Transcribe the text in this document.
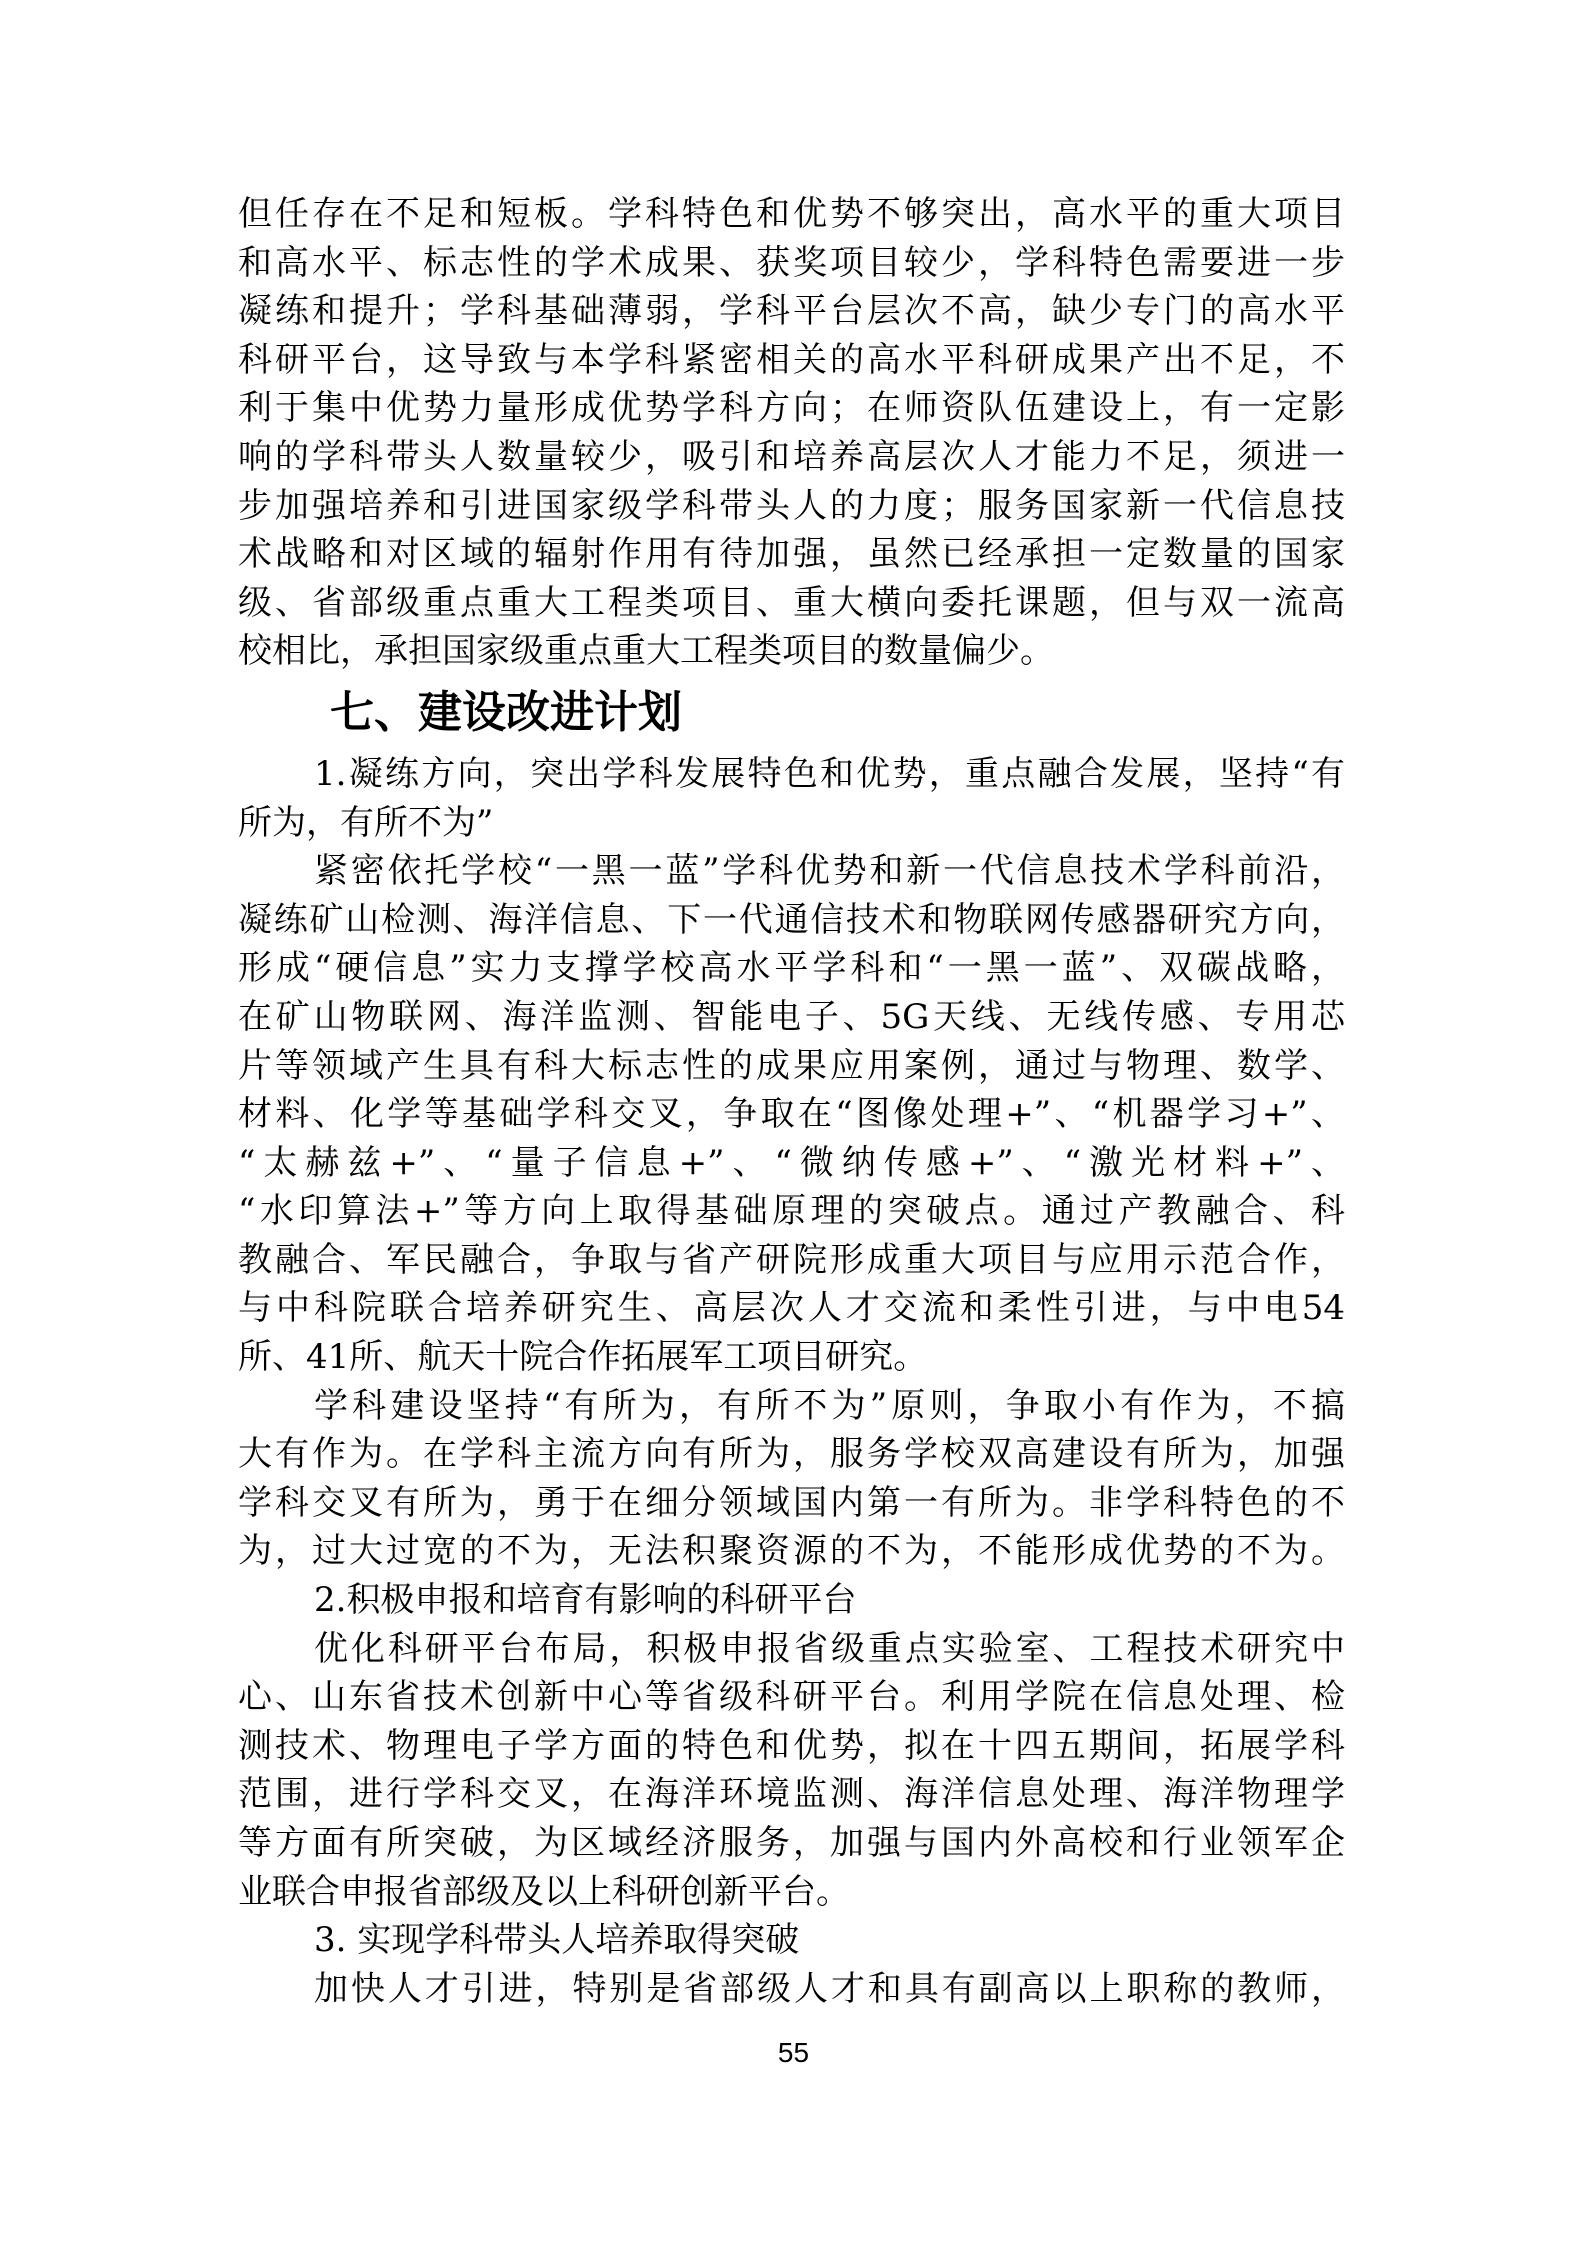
但任存在不足和短板。学科特色和优势不够突出，高水平的重大项目
和高水平、标志性的学术成果、获奖项目较少，学科特色需要进一步
凝练和提升；学科基础薄弱，学科平台层次不高，缺少专门的高水平
科研平台，这导致与本学科紧密相关的高水平科研成果产出不足，不
利于集中优势力量形成优势学科方向；在师资队伍建设上，有一定影
响的学科带头人数量较少，吸引和培养高层次人才能力不足，须进一
步加强培养和引进国家级学科带头人的力度；服务国家新一代信息技
术战略和对区域的辐射作用有待加强，虽然已经承担一定数量的国家
级、省部级重点重大工程类项目、重大横向委托课题，但与双一流高
校相比，承担国家级重点重大工程类项目的数量偏少。
七、建设改进计划
1.凝练方向，突出学科发展特色和优势，重点融合发展，坚持“有
所为，有所不为”
紧密依托学校“一黑一蓝”学科优势和新一代信息技术学科前沿，
凝练矿山检测、海洋信息、下一代通信技术和物联网传感器研究方向，
形成“硬信息”实力支撑学校高水平学科和“一黑一蓝”、双碳战略，
在矿山物联网、海洋监测、智能电子、5G天线、无线传感、专用芯
片等领域产生具有科大标志性的成果应用案例，通过与物理、数学、
材料、化学等基础学科交叉，争取在“图像处理+”、“机器学习+”、
“太赫兹+”、“量子信息+”、“微纳传感+”、“激光材料+”、
“水印算法+”等方向上取得基础原理的突破点。通过产教融合、科
教融合、军民融合，争取与省产研院形成重大项目与应用示范合作，
与中科院联合培养研究生、高层次人才交流和柔性引进，与中电54
所、41所、航天十院合作拓展军工项目研究。
学科建设坚持“有所为，有所不为”原则，争取小有作为，不搞
大有作为。在学科主流方向有所为，服务学校双高建设有所为，加强
学科交叉有所为，勇于在细分领域国内第一有所为。非学科特色的不
为，过大过宽的不为，无法积聚资源的不为，不能形成优势的不为。
2.积极申报和培育有影响的科研平台
优化科研平台布局，积极申报省级重点实验室、工程技术研究中
心、山东省技术创新中心等省级科研平台。利用学院在信息处理、检
测技术、物理电子学方面的特色和优势，拟在十四五期间，拓展学科
范围，进行学科交叉，在海洋环境监测、海洋信息处理、海洋物理学
等方面有所突破，为区域经济服务，加强与国内外高校和行业领军企
业联合申报省部级及以上科研创新平台。
3. 实现学科带头人培养取得突破
加快人才引进，特别是省部级人才和具有副高以上职称的教师，
55
